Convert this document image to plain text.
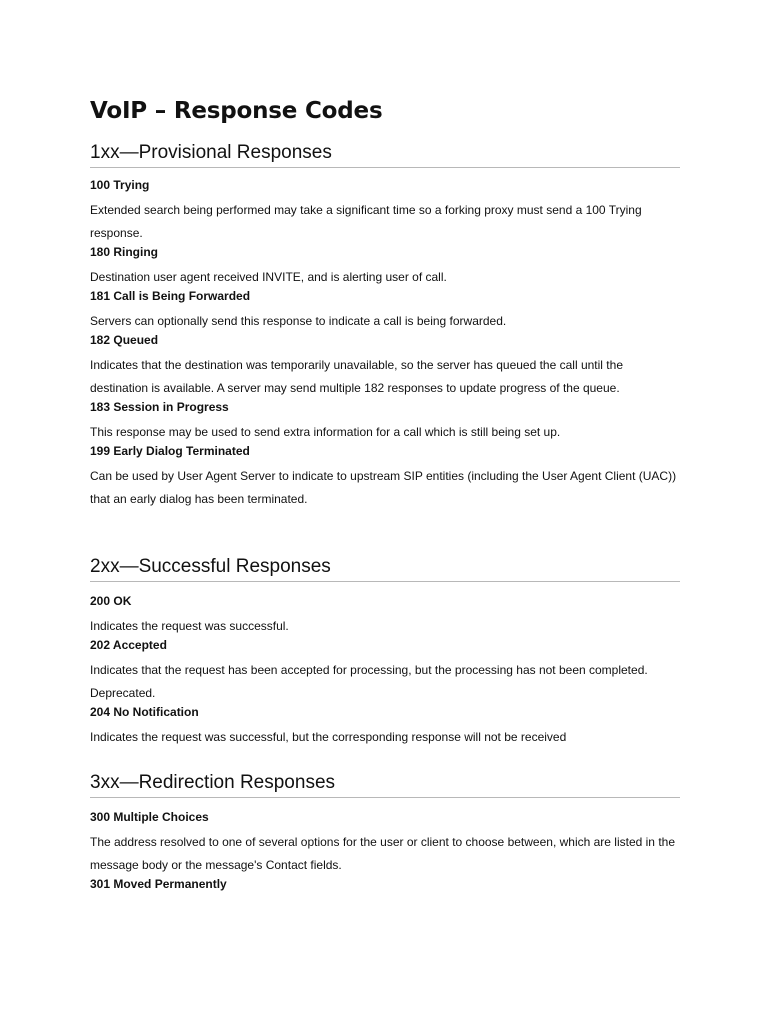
VoIP – Response Codes
1xx—Provisional Responses

100 Trying

Extended search being performed may take a significant time so a forking proxy must send a 100 Trying response.

180 Ringing

Destination user agent received INVITE, and is alerting user of call.

181 Call is Being Forwarded

Servers can optionally send this response to indicate a call is being forwarded.

182 Queued

Indicates that the destination was temporarily unavailable, so the server has queued the call until the destination is available. A server may send multiple 182 responses to update progress of the queue.

183 Session in Progress

This response may be used to send extra information for a call which is still being set up.

199 Early Dialog Terminated

Can be used by User Agent Server to indicate to upstream SIP entities (including the User Agent Client (UAC)) that an early dialog has been terminated.

2xx—Successful Responses

200 OK

Indicates the request was successful.

202 Accepted

Indicates that the request has been accepted for processing, but the processing has not been completed. Deprecated.

204 No Notification

Indicates the request was successful, but the corresponding response will not be received

3xx—Redirection Responses

300 Multiple Choices

The address resolved to one of several options for the user or client to choose between, which are listed in the message body or the message's Contact fields.

301 Moved Permanently
